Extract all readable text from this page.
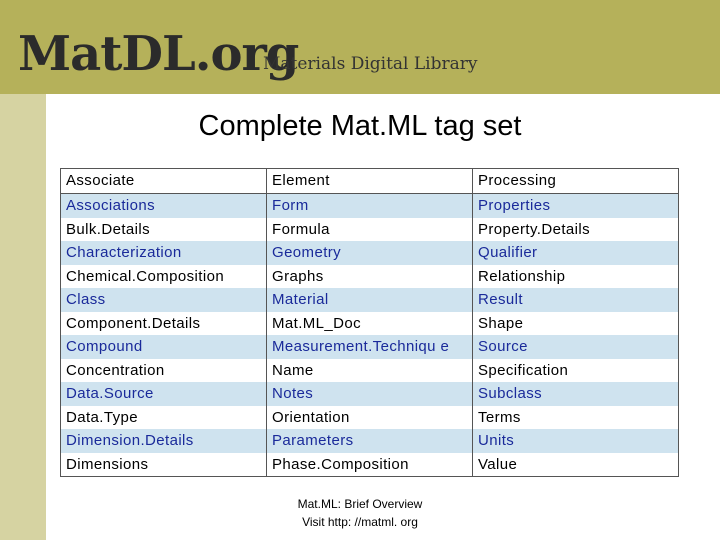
MatDL.org
Materials Digital Library
Complete Mat.ML tag set
Associate	Element	Processing
Associations	Form	Properties
Bulk.Details	Formula	Property.Details
Characterization	Geometry	Qualifier
Chemical.Composition	Graphs	Relationship
Class	Material	Result
Component.Details	Mat.ML_Doc	Shape
Compound	Measurement.Techniqu e	Source
Concentration	Name	Specification
Data.Source	Notes	Subclass
Data.Type	Orientation	Terms
Dimension.Details	Parameters	Units
Dimensions	Phase.Composition	Value
Mat.ML: Brief Overview
Visit http: //matml. org
